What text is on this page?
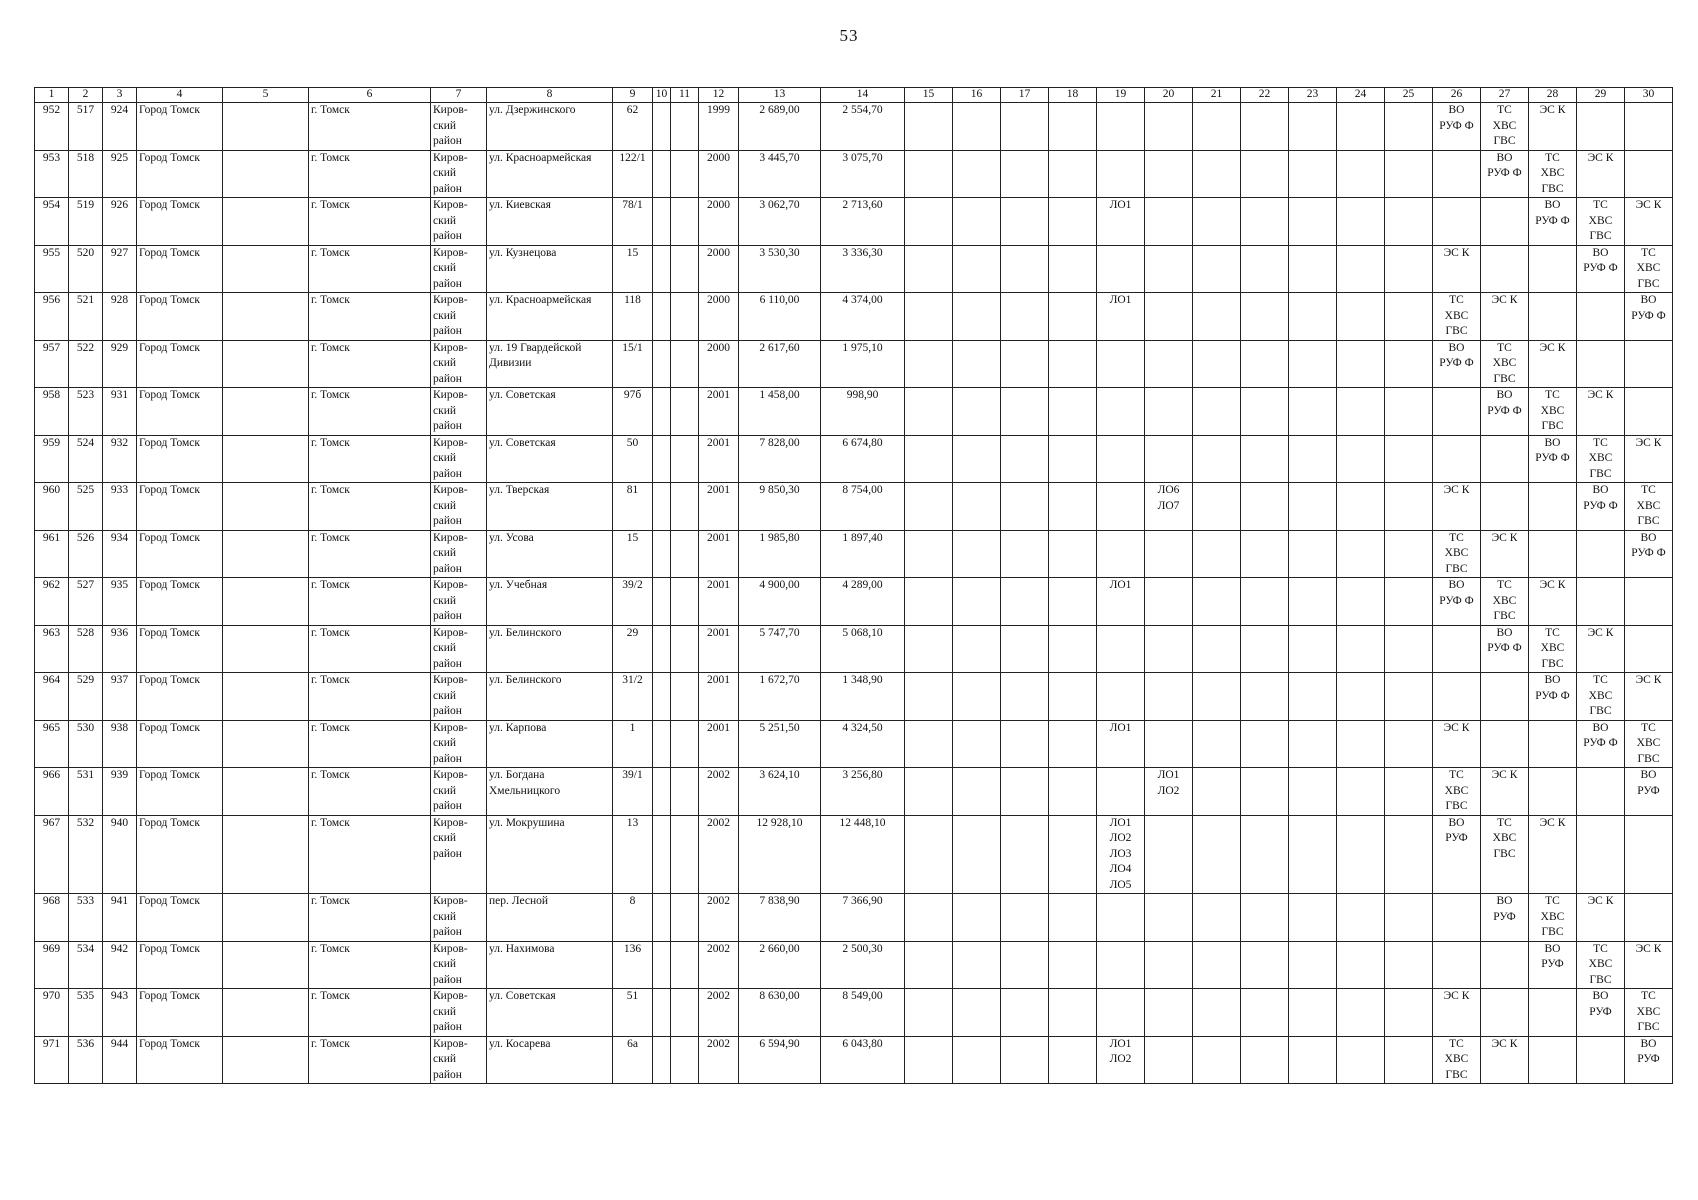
53
1	2	3	4	5	6	7	8	9	10	11	12	13	14	15	16	17	18	19	20	21	22	23	24	25	26	27	28	29	30
952	517	924	Город Томск		г. Томск	Киров-
ский
район	ул. Дзержинского	62			1999	2 689,00	2 554,70												ВО
РУФ Ф	ТС
ХВС
ГВС	ЭС К		

953	518	925	Город Томск		г. Томск	Киров-
ский
район	ул. Красноармейская	122/1			2000	3 445,70	3 075,70													ВО
РУФ Ф	ТС
ХВС
ГВС	ЭС К	

954	519	926	Город Томск		г. Томск	Киров-
ский
район	ул. Киевская	78/1			2000	3 062,70	2 713,60					ЛО1									ВО
РУФ Ф	ТС
ХВС
ГВС	ЭС К

955	520	927	Город Томск		г. Томск	Киров-
ский
район	ул. Кузнецова	15			2000	3 530,30	3 336,30												ЭС К			ВО
РУФ Ф	ТС
ХВС
ГВС

956	521	928	Город Томск		г. Томск	Киров-
ский
район	ул. Красноармейская	118			2000	6 110,00	4 374,00					ЛО1							ТС
ХВС
ГВС	ЭС К			ВО
РУФ Ф

957	522	929	Город Томск		г. Томск	Киров-
ский
район	ул. 19 Гвардейской
Дивизии	15/1			2000	2 617,60	1 975,10												ВО
РУФ Ф	ТС
ХВС
ГВС	ЭС К		

958	523	931	Город Томск		г. Томск	Киров-
ский
район	ул. Советская	97б			2001	1 458,00	998,90													ВО
РУФ Ф	ТС
ХВС
ГВС	ЭС К	

959	524	932	Город Томск		г. Томск	Киров-
ский
район	ул. Советская	50			2001	7 828,00	6 674,80														ВО
РУФ Ф	ТС
ХВС
ГВС	ЭС К

960	525	933	Город Томск		г. Томск	Киров-
ский
район	ул. Тверская	81			2001	9 850,30	8 754,00						ЛО6
ЛО7						ЭС К			ВО
РУФ Ф	ТС
ХВС
ГВС

961	526	934	Город Томск		г. Томск	Киров-
ский
район	ул. Усова	15			2001	1 985,80	1 897,40												ТС
ХВС
ГВС	ЭС К			ВО
РУФ Ф

962	527	935	Город Томск		г. Томск	Киров-
ский
район	ул. Учебная	39/2			2001	4 900,00	4 289,00					ЛО1							ВО
РУФ Ф	ТС
ХВС
ГВС	ЭС К		

963	528	936	Город Томск		г. Томск	Киров-
ский
район	ул. Белинского	29			2001	5 747,70	5 068,10													ВО
РУФ Ф	ТС
ХВС
ГВС	ЭС К	

964	529	937	Город Томск		г. Томск	Киров-
ский
район	ул. Белинского	31/2			2001	1 672,70	1 348,90														ВО
РУФ Ф	ТС
ХВС
ГВС	ЭС К

965	530	938	Город Томск		г. Томск	Киров-
ский
район	ул. Карпова	1			2001	5 251,50	4 324,50					ЛО1							ЭС К			ВО
РУФ Ф	ТС
ХВС
ГВС

966	531	939	Город Томск		г. Томск	Киров-
ский
район	ул. Богдана
Хмельницкого	39/1			2002	3 624,10	3 256,80						ЛО1
ЛО2						ТС
ХВС
ГВС	ЭС К			ВО
РУФ

967	532	940	Город Томск		г. Томск	Киров-
ский
район	ул. Мокрушина	13			2002	12 928,10	12 448,10					ЛО1
ЛО2
ЛО3
ЛО4
ЛО5							ВО
РУФ	ТС
ХВС
ГВС	ЭС К		

968	533	941	Город Томск		г. Томск	Киров-
ский
район	пер. Лесной	8			2002	7 838,90	7 366,90													ВО
РУФ	ТС
ХВС
ГВС	ЭС К	

969	534	942	Город Томск		г. Томск	Киров-
ский
район	ул. Нахимова	136			2002	2 660,00	2 500,30														ВО
РУФ	ТС
ХВС
ГВС	ЭС К

970	535	943	Город Томск		г. Томск	Киров-
ский
район	ул. Советская	51			2002	8 630,00	8 549,00												ЭС К			ВО
РУФ	ТС
ХВС
ГВС

971	536	944	Город Томск		г. Томск	Киров-
ский
район	ул. Косарева	6а			2002	6 594,90	6 043,80					ЛО1
ЛО2							ТС
ХВС
ГВС	ЭС К			ВО
РУФ
